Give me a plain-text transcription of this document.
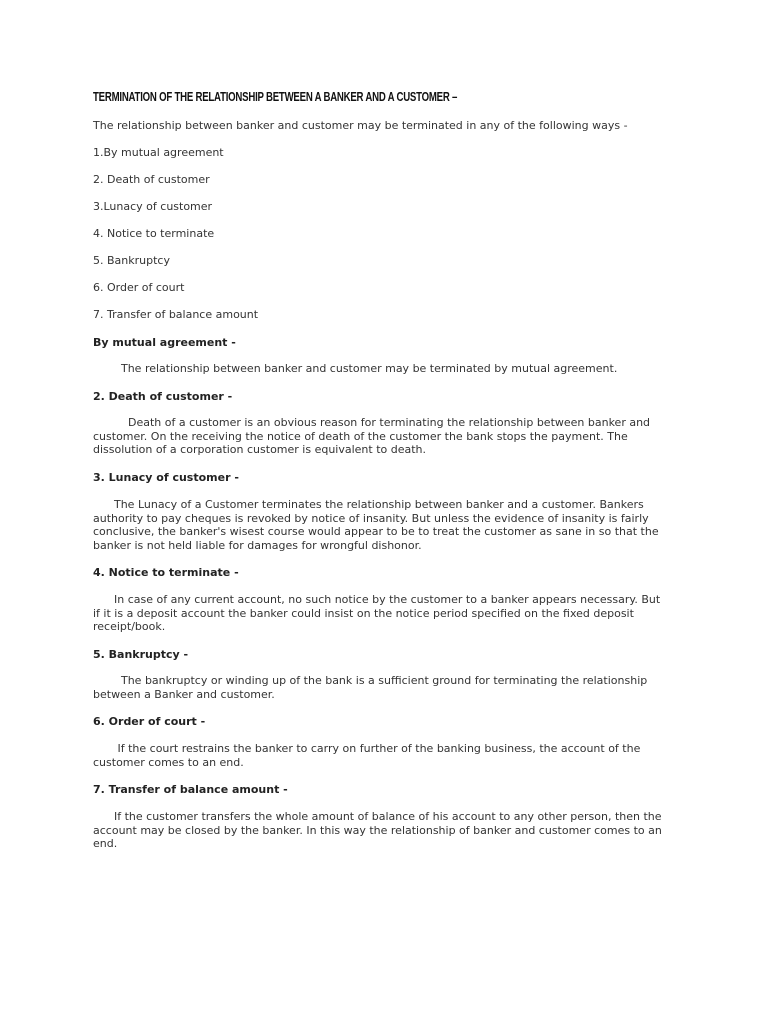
TERMINATION OF THE RELATIONSHIP BETWEEN A BANKER AND A CUSTOMER –

The relationship between banker and customer may be terminated in any of the following ways -

1.By mutual agreement

2. Death of customer

3.Lunacy of customer

4. Notice to terminate

5. Bankruptcy

6. Order of court

7. Transfer of balance amount

By mutual agreement -

The relationship between banker and customer may be terminated by mutual agreement.

2. Death of customer -

Death of a customer is an obvious reason for terminating the relationship between banker and
customer. On the receiving the notice of death of the customer the bank stops the payment. The
dissolution of a corporation customer is equivalent to death.

3. Lunacy of customer -

The Lunacy of a Customer terminates the relationship between banker and a customer. Bankers
authority to pay cheques is revoked by notice of insanity. But unless the evidence of insanity is fairly
conclusive, the banker's wisest course would appear to be to treat the customer as sane in so that the
banker is not held liable for damages for wrongful dishonor.

4. Notice to terminate -

In case of any current account, no such notice by the customer to a banker appears necessary. But
if it is a deposit account the banker could insist on the notice period specified on the fixed deposit
receipt/book.

5. Bankruptcy -

The bankruptcy or winding up of the bank is a sufficient ground for terminating the relationship
between a Banker and customer.

6. Order of court -

If the court restrains the banker to carry on further of the banking business, the account of the
customer comes to an end.

7. Transfer of balance amount -

If the customer transfers the whole amount of balance of his account to any other person, then the
account may be closed by the banker. In this way the relationship of banker and customer comes to an
end.
